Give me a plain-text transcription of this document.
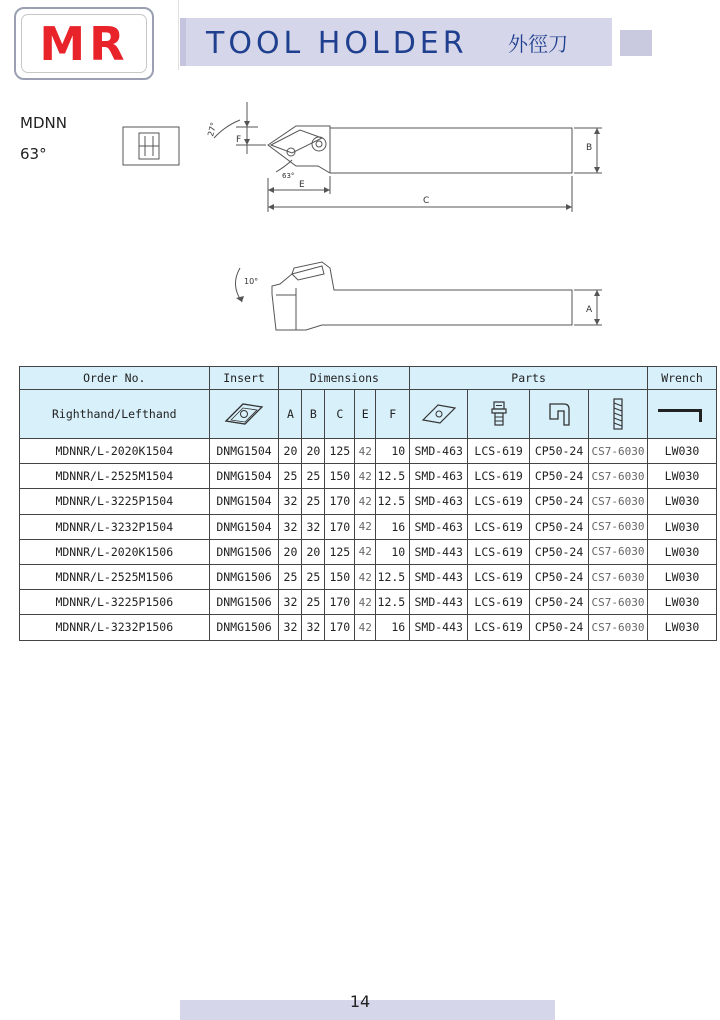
MR	TOOL HOLDER 外徑刀
MDNN
63°
27°
F
63°
E
C
B
10°
A
Order No.	Insert	Dimensions					Parts				Wrench
Righthand/Lefthand		A	B	C	E	F	

MDNNR/L-2020K1504	DNMG1504	20	20	125	42	10	SMD-463	LCS-619	CP50-24	CS7-6030	LW030
MDNNR/L-2525M1504	DNMG1504	25	25	150	42	12.5	SMD-463	LCS-619	CP50-24	CS7-6030	LW030
MDNNR/L-3225P1504	DNMG1504	32	25	170	42	12.5	SMD-463	LCS-619	CP50-24	CS7-6030	LW030
MDNNR/L-3232P1504	DNMG1504	32	32	170	42	16	SMD-463	LCS-619	CP50-24	CS7-6030	LW030
MDNNR/L-2020K1506	DNMG1506	20	20	125	42	10	SMD-443	LCS-619	CP50-24	CS7-6030	LW030
MDNNR/L-2525M1506	DNMG1506	25	25	150	42	12.5	SMD-443	LCS-619	CP50-24	CS7-6030	LW030
MDNNR/L-3225P1506	DNMG1506	32	25	170	42	12.5	SMD-443	LCS-619	CP50-24	CS7-6030	LW030
MDNNR/L-3232P1506	DNMG1506	32	32	170	42	16	SMD-443	LCS-619	CP50-24	CS7-6030	LW030
14
